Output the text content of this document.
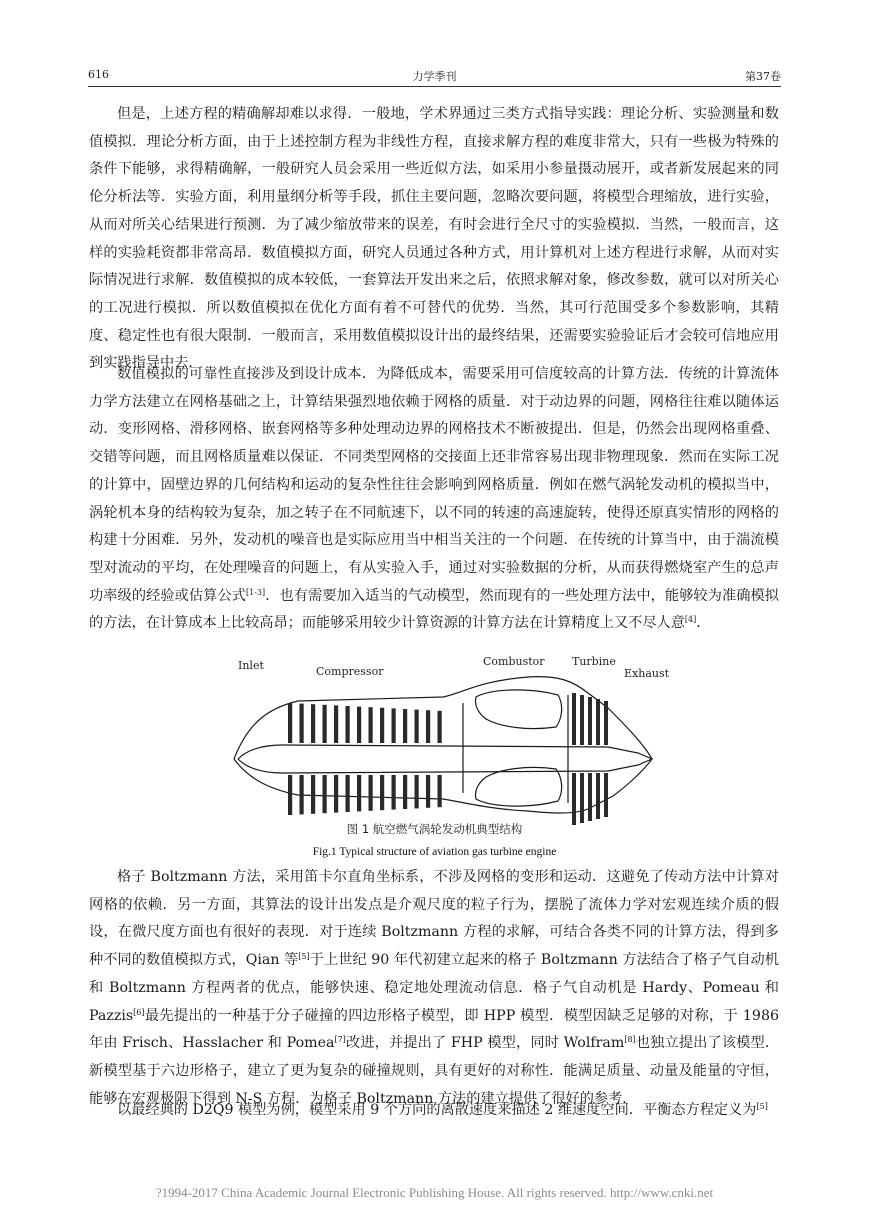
616	力学季刊	第37卷

但是，上述方程的精确解却难以求得．一般地，学术界通过三类方式指导实践：理论分析、实验测量和数值模拟．理论分析方面，由于上述控制方程为非线性方程，直接求解方程的难度非常大，只有一些极为特殊的条件下能够，求得精确解，一般研究人员会采用一些近似方法，如采用小参量摄动展开，或者新发展起来的同伦分析法等．实验方面，利用量纲分析等手段，抓住主要问题，忽略次要问题，将模型合理缩放，进行实验，从而对所关心结果进行预测．为了减少缩放带来的误差，有时会进行全尺寸的实验模拟．当然，一般而言，这样的实验耗资都非常高昂．数值模拟方面，研究人员通过各种方式，用计算机对上述方程进行求解，从而对实际情况进行求解．数值模拟的成本较低，一套算法开发出来之后，依照求解对象，修改参数，就可以对所关心的工况进行模拟．所以数值模拟在优化方面有着不可替代的优势．当然，其可行范围受多个参数影响，其精度、稳定性也有很大限制．一般而言，采用数值模拟设计出的最终结果，还需要实验验证后才会较可信地应用到实践指导中去．

数值模拟的可靠性直接涉及到设计成本．为降低成本，需要采用可信度较高的计算方法．传统的计算流体力学方法建立在网格基础之上，计算结果强烈地依赖于网格的质量．对于动边界的问题，网格往往难以随体运动．变形网格、滑移网格、嵌套网格等多种处理动边界的网格技术不断被提出．但是，仍然会出现网格重叠、交错等问题，而且网格质量难以保证．不同类型网格的交接面上还非常容易出现非物理现象．然而在实际工况的计算中，固壁边界的几何结构和运动的复杂性往往会影响到网格质量．例如在燃气涡轮发动机的模拟当中，涡轮机本身的结构较为复杂，加之转子在不同航速下，以不同的转速的高速旋转，使得还原真实情形的网格的构建十分困难．另外，发动机的噪音也是实际应用当中相当关注的一个问题．在传统的计算当中，由于湍流模型对流动的平均，在处理噪音的问题上，有从实验入手，通过对实验数据的分析，从而获得燃烧室产生的总声功率级的经验或估算公式[1-3]．也有需要加入适当的气动模型，然而现有的一些处理方法中，能够较为准确模拟的方法，在计算成本上比较高昂；而能够采用较少计算资源的计算方法在计算精度上又不尽人意[4]．

Inlet	Compressor
Combustor Turbine
Exhaust
图 1 航空燃气涡轮发动机典型结构
Fig.1 Typical structure of aviation gas turbine engine

格子 Boltzmann 方法，采用笛卡尔直角坐标系，不涉及网格的变形和运动．这避免了传动方法中计算对网格的依赖．另一方面，其算法的设计出发点是介观尺度的粒子行为，摆脱了流体力学对宏观连续介质的假设，在微尺度方面也有很好的表现．对于连续 Boltzmann 方程的求解，可结合各类不同的计算方法，得到多种不同的数值模拟方式，Qian 等[5]于上世纪 90 年代初建立起来的格子 Boltzmann 方法结合了格子气自动机和 Boltzmann 方程两者的优点，能够快速、稳定地处理流动信息．格子气自动机是 Hardy、Pomeau 和 Pazzis[6]最先提出的一种基于分子碰撞的四边形格子模型，即 HPP 模型．模型因缺乏足够的对称，于 1986 年由 Frisch、Hasslacher 和 Pomea[7]改进，并提出了 FHP 模型，同时 Wolfram[8]也独立提出了该模型．新模型基于六边形格子，建立了更为复杂的碰撞规则，具有更好的对称性．能满足质量、动量及能量的守恒，能够在宏观极限下得到 N-S 方程．为格子 Boltzmann 方法的建立提供了很好的参考．

以最经典的 D2Q9 模型为例，模型采用 9 个方向的离散速度来描述 2 维速度空间．平衡态方程定义为[5]

?1994-2017 China Academic Journal Electronic Publishing House. All rights reserved. http://www.cnki.net
